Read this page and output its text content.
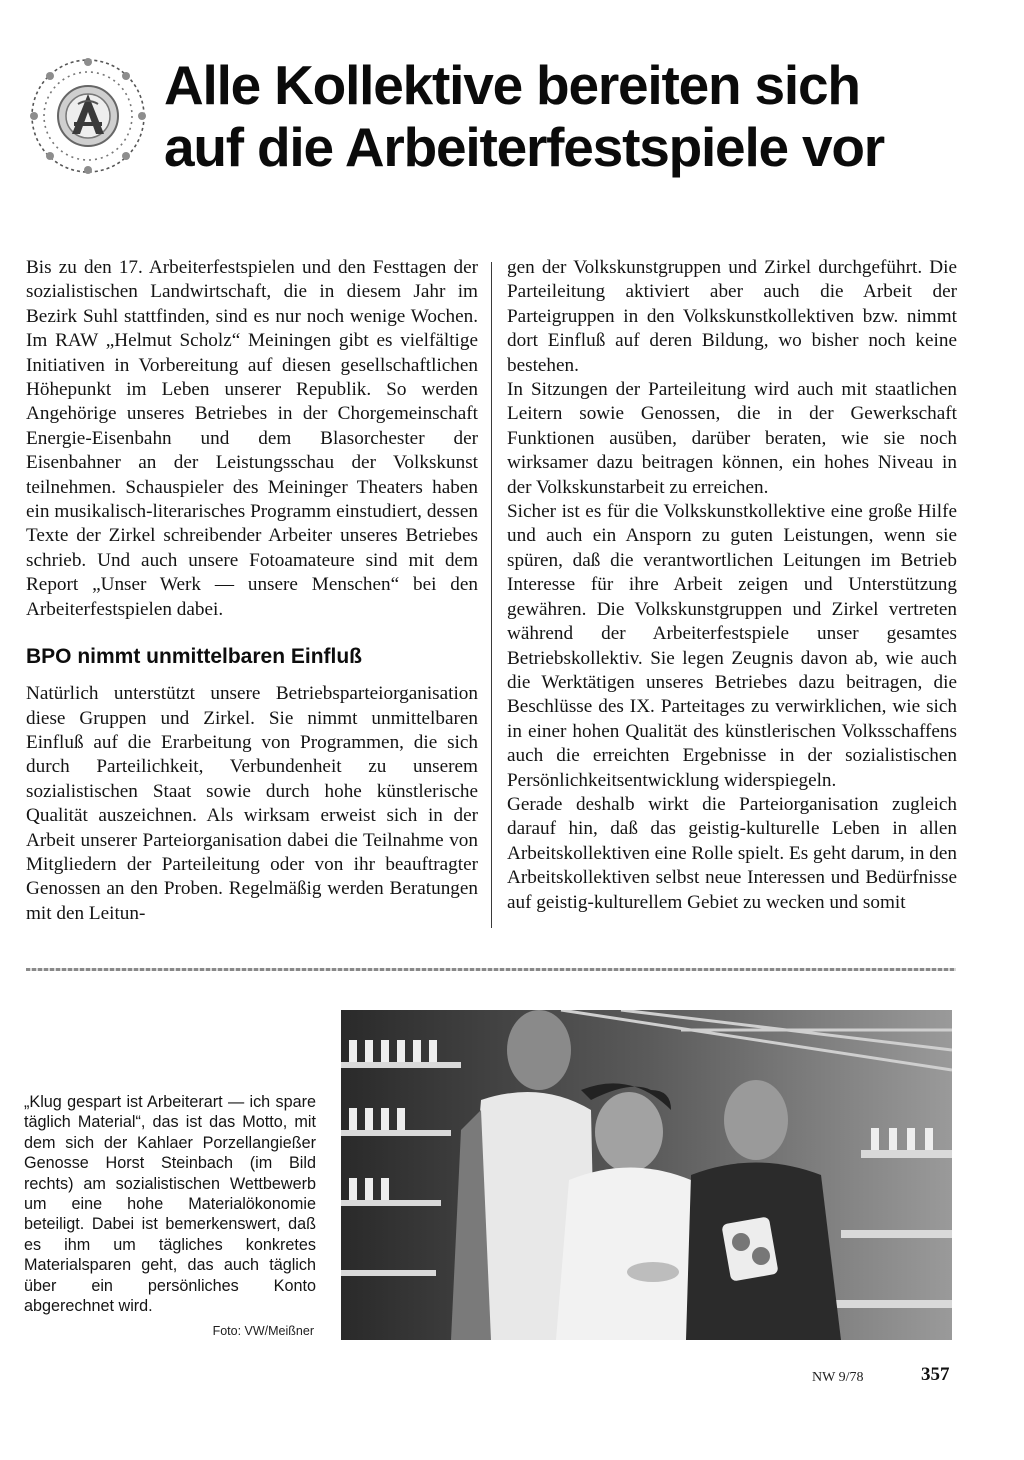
Alle Kollektive bereiten sich
auf die Arbeiterfestspiele vor

Bis zu den 17. Arbeiterfestspielen und den Festtagen der sozialistischen Landwirtschaft, die in diesem Jahr im Bezirk Suhl stattfinden, sind es nur noch wenige Wochen. Im RAW „Helmut Scholz“ Meiningen gibt es vielfältige Initiativen in Vorbereitung auf diesen gesellschaftlichen Höhepunkt im Leben unserer Republik. So werden Angehörige unseres Betriebes in der Chorgemeinschaft Energie-Eisenbahn und dem Blasorchester der Eisenbahner an der Leistungsschau der Volkskunst teilnehmen. Schauspieler des Meininger Theaters haben ein musikalisch-literarisches Programm einstudiert, dessen Texte der Zirkel schreibender Arbeiter unseres Betriebes schrieb. Und auch unsere Fotoamateure sind mit dem Report „Unser Werk — unsere Menschen“ bei den Arbeiterfestspielen dabei.

BPO nimmt unmittelbaren Einfluß

Natürlich unterstützt unsere Betriebsparteiorganisation diese Gruppen und Zirkel. Sie nimmt unmittelbaren Einfluß auf die Erarbeitung von Programmen, die sich durch Parteilichkeit, Verbundenheit zu unserem sozialistischen Staat sowie durch hohe künstlerische Qualität auszeichnen. Als wirksam erweist sich in der Arbeit unserer Parteiorganisation dabei die Teilnahme von Mitgliedern der Parteileitung oder von ihr beauftragter Genossen an den Proben. Regelmäßig werden Beratungen mit den Leitun-

gen der Volkskunstgruppen und Zirkel durchgeführt. Die Parteileitung aktiviert aber auch die Arbeit der Parteigruppen in den Volkskunstkollektiven bzw. nimmt dort Einfluß auf deren Bildung, wo bisher noch keine bestehen.

In Sitzungen der Parteileitung wird auch mit staatlichen Leitern sowie Genossen, die in der Gewerkschaft Funktionen ausüben, darüber beraten, wie sie noch wirksamer dazu beitragen können, ein hohes Niveau in der Volkskunstarbeit zu erreichen.

Sicher ist es für die Volkskunstkollektive eine große Hilfe und auch ein Ansporn zu guten Leistungen, wenn sie spüren, daß die verantwortlichen Leitungen im Betrieb Interesse für ihre Arbeit zeigen und Unterstützung gewähren. Die Volkskunstgruppen und Zirkel vertreten während der Arbeiterfestspiele unser gesamtes Betriebskollektiv. Sie legen Zeugnis davon ab, wie auch die Werktätigen unseres Betriebes dazu beitragen, die Beschlüsse des IX. Parteitages zu verwirklichen, wie sich in einer hohen Qualität des künstlerischen Volksschaffens auch die erreichten Ergebnisse in der sozialistischen Persönlichkeitsentwicklung widerspiegeln.

Gerade deshalb wirkt die Parteiorganisation zugleich darauf hin, daß das geistig-kulturelle Leben in allen Arbeitskollektiven eine Rolle spielt. Es geht darum, in den Arbeitskollektiven selbst neue Interessen und Bedürfnisse auf geistig-kulturellem Gebiet zu wecken und somit

„Klug gespart ist Arbeiterart — ich spare täglich Material“, das ist das Motto, mit dem sich der Kahlaer Porzellangießer Genosse Horst Steinbach (im Bild rechts) am sozialistischen Wettbewerb um eine hohe Materialökonomie beteiligt. Dabei ist bemerkenswert, daß es ihm um tägliches konkretes Materialsparen geht, das auch täglich über ein persönliches Konto abgerechnet wird.
Foto: VW/Meißner
NW 9/78	357
